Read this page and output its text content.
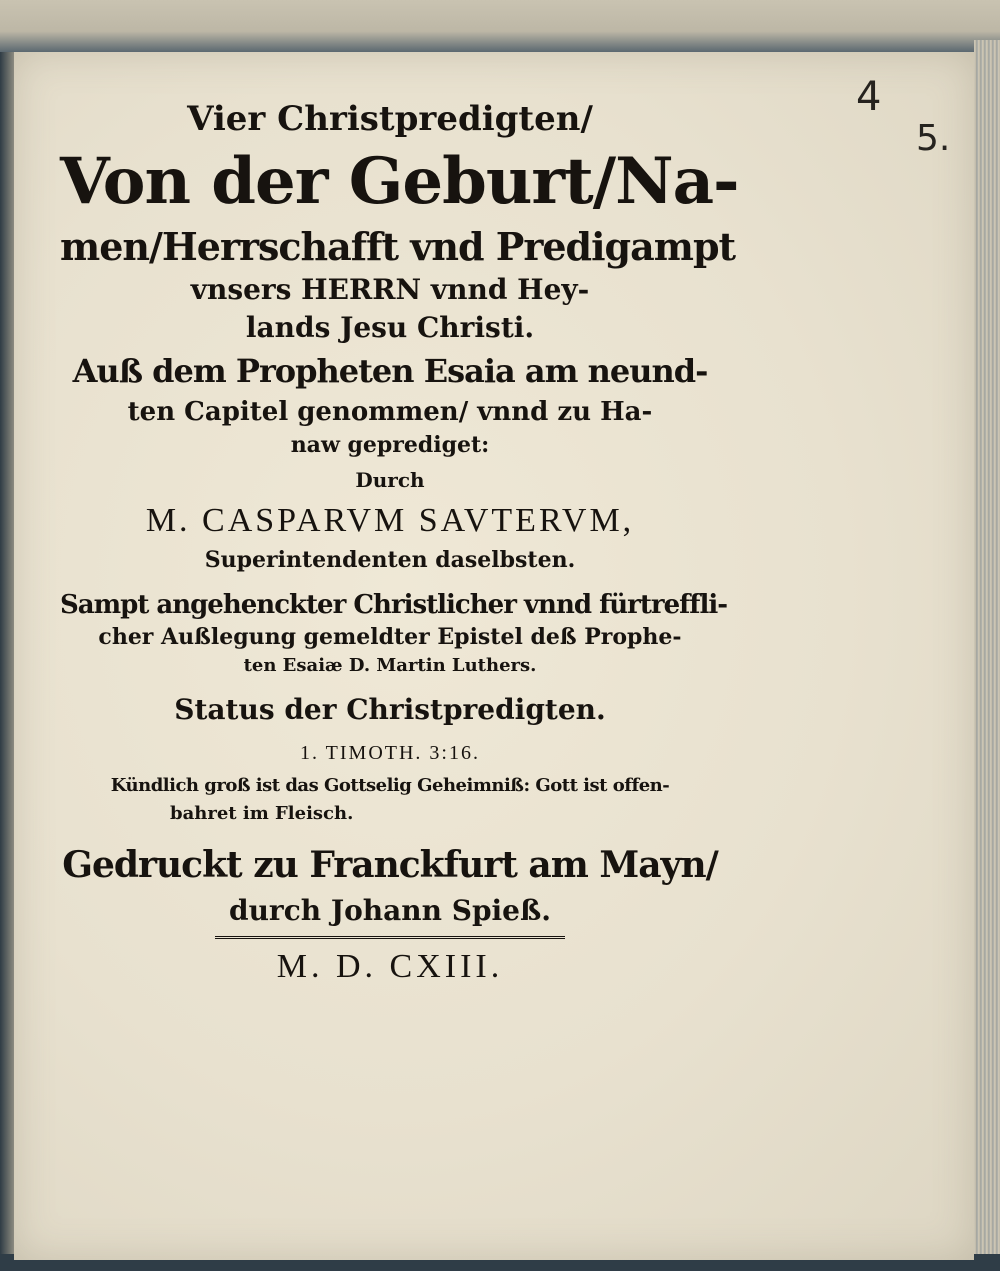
Vier Christpredigten/
Von der Geburt/Na-
men/Herrschafft vnd Predigampt
vnsers HERRN vnnd Hey-
lands Jesu Christi.
Auß dem Propheten Esaia am neund-
ten Capitel genommen/ vnnd zu Ha-
naw geprediget:
Durch
M. CASPARVM SAVTERVM,
Superintendenten daselbsten.
Sampt angehenckter Christlicher vnnd fürtreffli-
cher Außlegung gemeldter Epistel deß Prophe-
ten Esaiæ D. Martin Luthers.
Status der Christpredigten.
1. TIMOTH. 3:16.
Kündlich groß ist das Gottselig Geheimniß: Gott ist offen-
bahret im Fleisch.
Gedruckt zu Franckfurt am Mayn/
durch Johann Spieß.
M. D. CXIII.
4
5.
